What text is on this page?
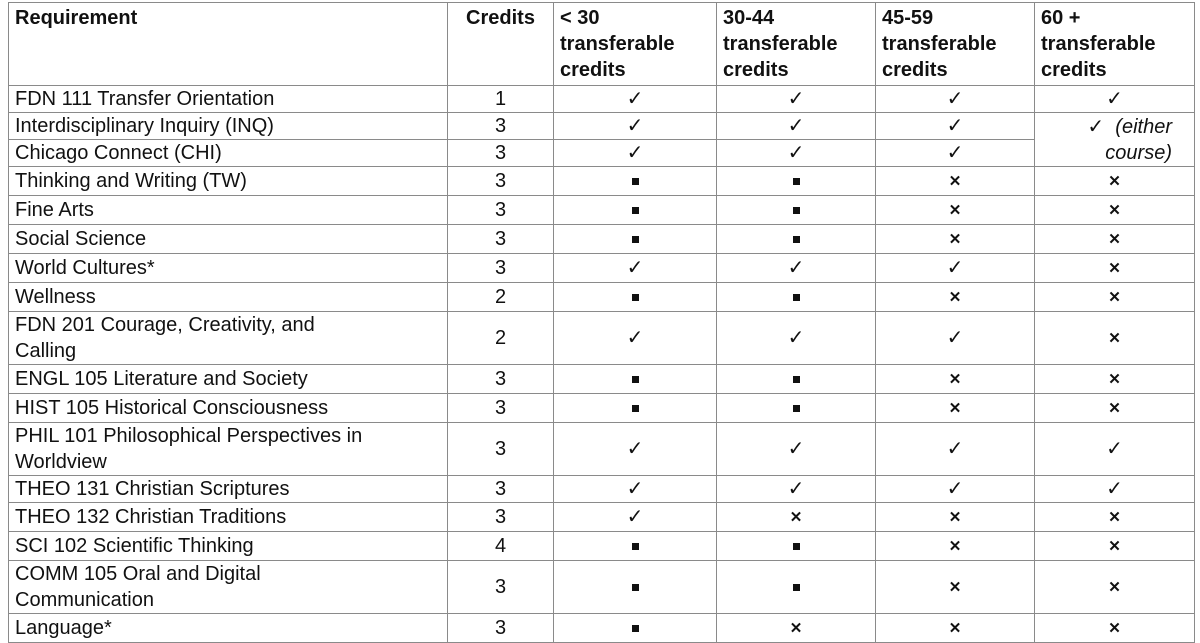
Requirement	Credits	< 30
transferable
credits	30-44
transferable
credits	45-59
transferable
credits	60 +
transferable
credits

FDN 111 Transfer Orientation	1	✓	✓	✓	✓

Interdisciplinary Inquiry (INQ)	3	✓	✓	✓	✓ (either
course)

Chicago Connect (CHI)	3	✓	✓	✓	

Thinking and Writing (TW)	3			✕	✕

Fine Arts	3			✕	✕

Social Science	3			✕	✕

World Cultures*	3	✓	✓	✓	✕

Wellness	2			✕	✕

FDN 201 Courage, Creativity, and
Calling	2	✓	✓	✓	✕

ENGL 105 Literature and Society	3			✕	✕

HIST 105 Historical Consciousness	3			✕	✕

PHIL 101 Philosophical Perspectives in
Worldview	3	✓	✓	✓	✓

THEO 131 Christian Scriptures	3	✓	✓	✓	✓

THEO 132 Christian Traditions	3	✓	✕	✕	✕

SCI 102 Scientific Thinking	4			✕	✕

COMM 105 Oral and Digital
Communication	3			✕	✕

Language*	3		✕	✕	✕
